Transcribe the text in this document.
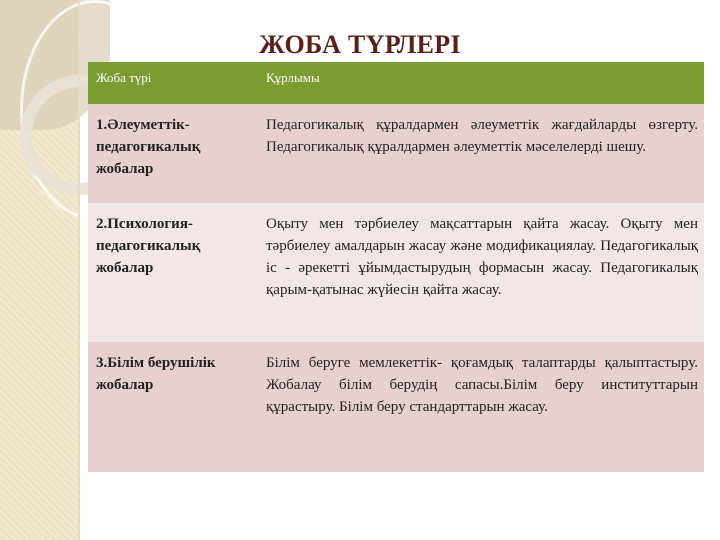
ЖОБА ТҮРЛЕРІ
Жоба түрі	Құрлымы
1.Әлеуметтік-педагогикалық жобалар	Педагогикалық құралдармен әлеуметтік жағдайларды өзгерту. Педагогикалық құралдармен әлеуметтік мәселелерді шешу.
2.Психология-педагогикалық жобалар	Оқыту мен тәрбиелеу мақсаттарын қайта жасау. Оқыту мен тәрбиелеу амалдарын жасау және модификациялау. Педагогикалық іс - әрекетті ұйымдастырудың формасын жасау. Педагогикалық қарым-қатынас жүйесін қайта жасау.
3.Білім берушілік жобалар	Білім беруге мемлекеттік- қоғамдық талаптарды қалыптастыру. Жобалау білім берудің сапасы.Білім беру институттарын құрастыру. Білім беру стандарттарын жасау.
